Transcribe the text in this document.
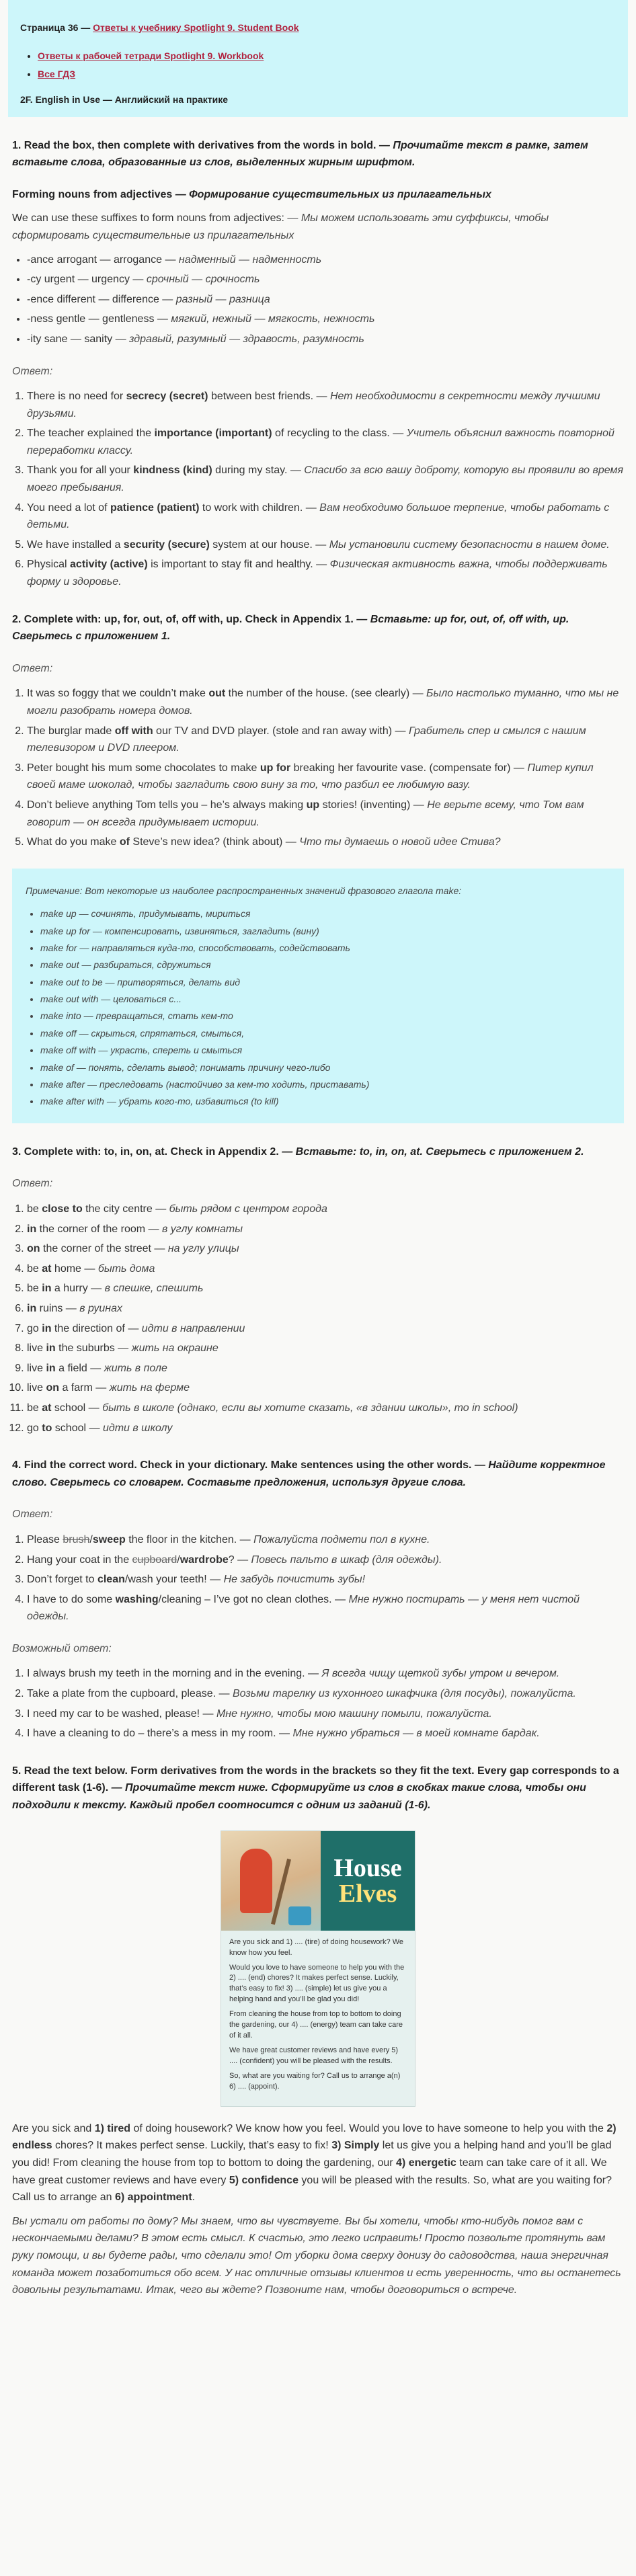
Страница 36 — Ответы к учебнику Spotlight 9. Student Book
• Ответы к рабочей тетради Spotlight 9. Workbook
• Все ГДЗ
2F. English in Use — Английский на практике
1. Read the box, then complete with derivatives from the words in bold. — Прочитайте текст в рамке, затем вставьте слова, образованные из слов, выделенных жирным шрифтом.
Forming nouns from adjectives — Формирование существительных из прилагательных

We can use these suffixes to form nouns from adjectives: — Мы можем использовать эти суффиксы, чтобы сформировать существительные из прилагательных

• -ance arrogant — arrogance — надменный — надменность
• -cy urgent — urgency — срочный — срочность
• -ence different — difference — разный — разница
• -ness gentle — gentleness — мягкий, нежный — мягкость, нежность
• -ity sane — sanity — здравый, разумный — здравость, разумность
Ответ:
1. There is no need for secrecy (secret) between best friends. — Нет необходимости в секретности между лучшими друзьями.
2. The teacher explained the importance (important) of recycling to the class. — Учитель объяснил важность повторной переработки классу.
3. Thank you for all your kindness (kind) during my stay. — Спасибо за всю вашу доброту, которую вы проявили во время моего пребывания.
4. You need a lot of patience (patient) to work with children. — Вам необходимо большое терпение, чтобы работать с детьми.
5. We have installed a security (secure) system at our house. — Мы установили систему безопасности в нашем доме.
6. Physical activity (active) is important to stay fit and healthy. — Физическая активность важна, чтобы поддерживать форму и здоровье.
2. Complete with: up, for, out, of, off with, up. Check in Appendix 1. — Вставьте: up for, out, of, off with, up. Сверьтесь с приложением 1.
Ответ:
1. It was so foggy that we couldn’t make out the number of the house. (see clearly) — Было настолько туманно, что мы не могли разобрать номера домов.
2. The burglar made off with our TV and DVD player. (stole and ran away with) — Грабитель спер и смылся с нашим телевизором и DVD плеером.
3. Peter bought his mum some chocolates to make up for breaking her favourite vase. (compensate for) — Питер купил своей маме шоколад, чтобы загладить свою вину за то, что разбил ее любимую вазу.
4. Don’t believe anything Tom tells you – he’s always making up stories! (inventing) — Не верьте всему, что Том вам говорит — он всегда придумывает истории.
5. What do you make of Steve’s new idea? (think about) — Что ты думаешь о новой идее Стива?
Примечание: Вот некоторые из наиболее распространенных значений фразового глагола make:
• make up — сочинять, придумывать, мириться
• make up for — компенсировать, извиняться, загладить (вину)
• make for — направляться куда-то, способствовать, содействовать
• make out — разбираться, сдружиться
• make out to be — притворяться, делать вид
• make out with — целоваться с...
• make into — превращаться, стать кем-то
• make off — скрыться, спрятаться, смыться,
• make off with — украсть, спереть и смыться
• make of — понять, сделать вывод; понимать причину чего-либо
• make after — преследовать (настойчиво за кем-то ходить, приставать)
• make after with — убрать кого-то, избавиться (to kill)
3. Complete with: to, in, on, at. Check in Appendix 2. — Вставьте: to, in, on, at. Сверьтесь с приложением 2.
Ответ:
1. be close to the city centre — быть рядом с центром города
2. in the corner of the room — в углу комнаты
3. on the corner of the street — на углу улицы
4. be at home — быть дома
5. be in a hurry — в спешке, спешить
6. in ruins — в руинах
7. go in the direction of — идти в направлении
8. live in the suburbs — жить на окраине
9. live in a field — жить в поле
10. live on a farm — жить на ферме
11. be at school — быть в школе (однако, если вы хотите сказать, «в здании школы», то in school)
12. go to school — идти в школу
4. Find the correct word. Check in your dictionary. Make sentences using the other words. — Найдите корректное слово. Сверьтесь со словарем. Составьте предложения, используя другие слова.
Ответ:
1. Please brush/sweep the floor in the kitchen. — Пожалуйста подмети пол в кухне.
2. Hang your coat in the cupboard/wardrobe? — Повесь пальто в шкаф (для одежды).
3. Don’t forget to clean/wash your teeth! — Не забудь почистить зубы!
4. I have to do some washing/cleaning – I’ve got no clean clothes. — Мне нужно постирать — у меня нет чистой одежды.
Возможный ответ:
1. I always brush my teeth in the morning and in the evening. — Я всегда чищу щеткой зубы утром и вечером.
2. Take a plate from the cupboard, please. — Возьми тарелку из кухонного шкафчика (для посуды), пожалуйста.
3. I need my car to be washed, please! — Мне нужно, чтобы мою машину помыли, пожалуйста.
4. I have a cleaning to do – there’s a mess in my room. — Мне нужно убраться — в моей комнате бардак.
5. Read the text below. Form derivatives from the words in the brackets so they fit the text. Every gap corresponds to a different task (1-6). — Прочитайте текст ниже. Сформируйте из слов в скобках такие слова, чтобы они подходили к тексту. Каждый пробел соотносится с одним из заданий (1-6).
House
Elves

Are you sick and 1) .... (tire) of doing housework? We know how you feel.

Would you love to have someone to help you with the 2) .... (end) chores? It makes perfect sense. Luckily, that’s easy to fix! 3) .... (simple) let us give you a helping hand and you’ll be glad you did!

From cleaning the house from top to bottom to doing the gardening, our 4) .... (energy) team can take care of it all.

We have great customer reviews and have every 5) .... (confident) you will be pleased with the results.

So, what are you waiting for? Call us to arrange a(n) 6) .... (appoint).

Are you sick and 1) tired of doing housework? We know how you feel. Would you love to have someone to help you with the 2) endless chores? It makes perfect sense. Luckily, that’s easy to fix! 3) Simply let us give you a helping hand and you’ll be glad you did! From cleaning the house from top to bottom to doing the gardening, our 4) energetic team can take care of it all. We have great customer reviews and have every 5) confidence you will be pleased with the results. So, what are you waiting for? Call us to arrange an 6) appointment.

Вы устали от работы по дому? Мы знаем, что вы чувствуете. Вы бы хотели, чтобы кто-нибудь помог вам с нескончаемыми делами? В этом есть смысл. К счастью, это легко исправить! Просто позвольте протянуть вам руку помощи, и вы будете рады, что сделали это! От уборки дома сверху донизу до садоводства, наша энергичная команда может позаботиться обо всем. У нас отличные отзывы клиентов и есть уверенность, что вы останетесь довольны результатами. Итак, чего вы ждете? Позвоните нам, чтобы договориться о встрече.
